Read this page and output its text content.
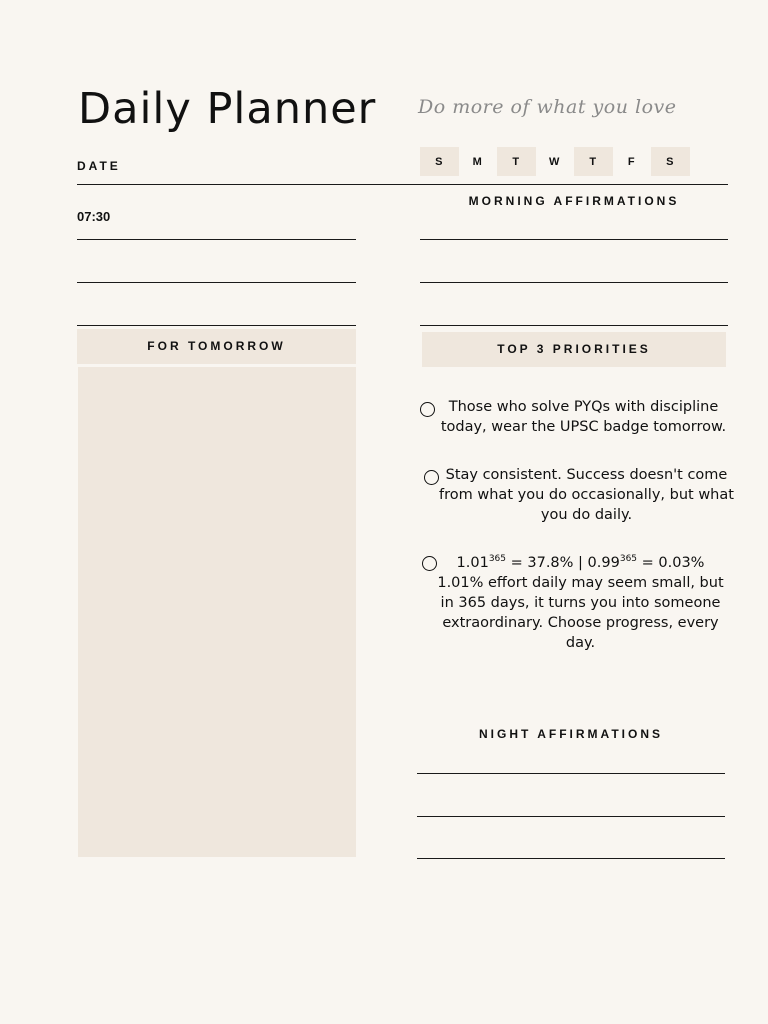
Daily Planner Do more of what you love
DATE	S	M	T	W	T	F	S
07:30
MORNING AFFIRMATIONS
FOR TOMORROW	TOP 3 PRIORITIES
Those who solve PYQs with discipline today, wear the UPSC badge tomorrow.
Stay consistent. Success doesn't come from what you do occasionally, but what you do daily.
$1.01^{365} = 37.8\%$ | $0.99^{365} = 0.03\%$
1.01% effort daily may seem small, but in 365 days, it turns you into someone extraordinary. Choose progress, every day.
NIGHT AFFIRMATIONS
